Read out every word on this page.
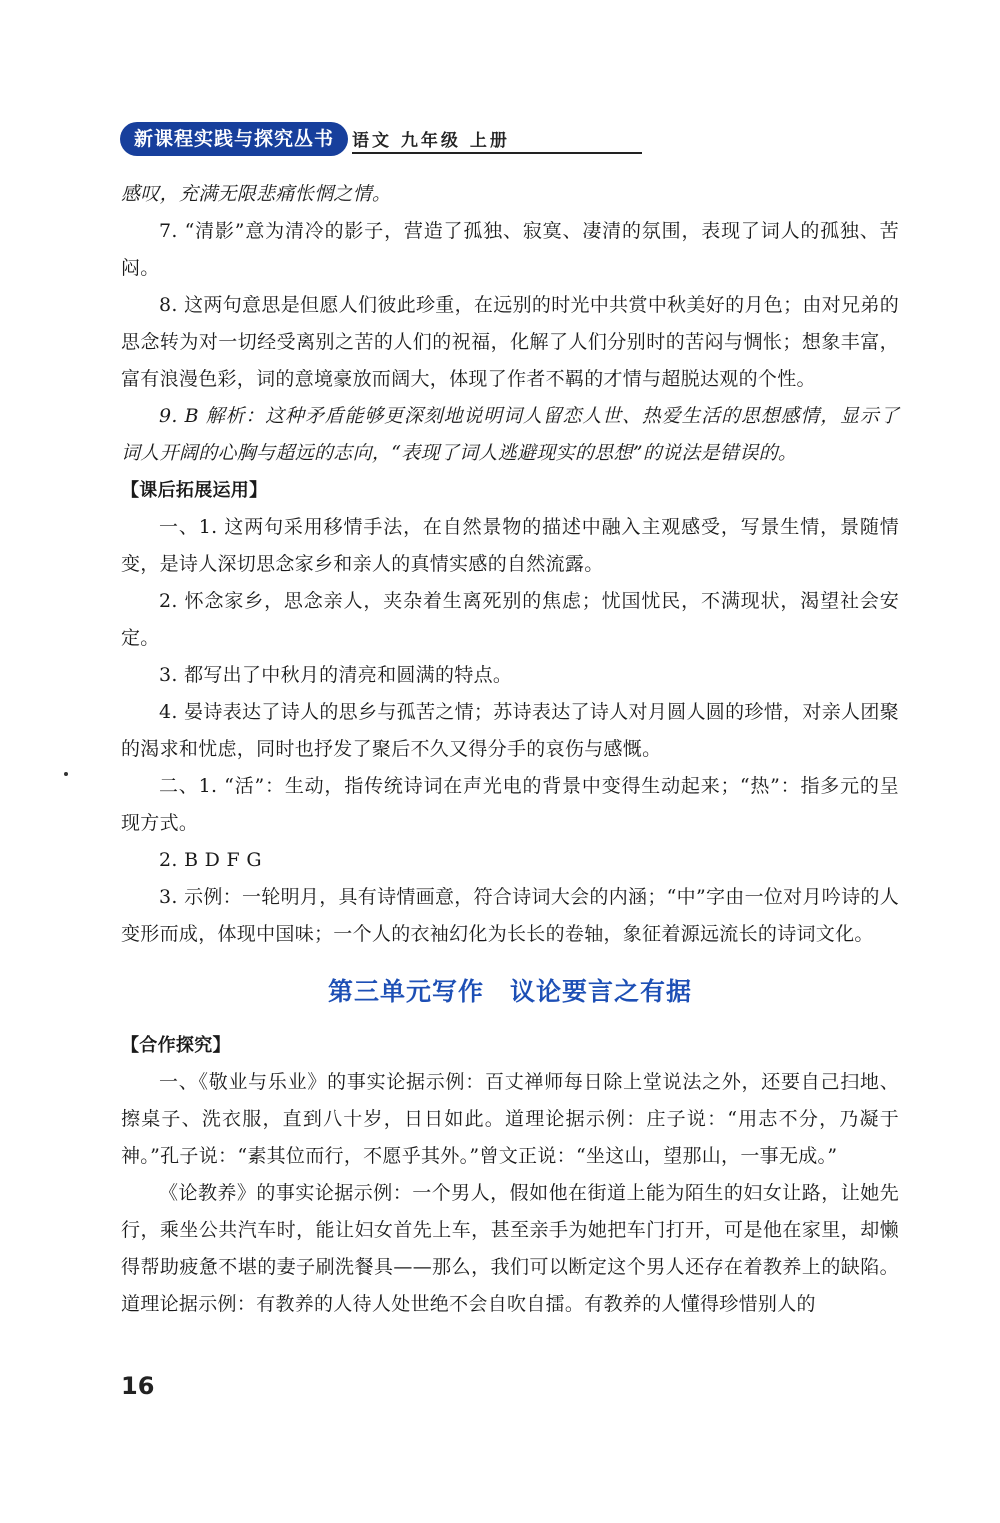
新课程实践与探究丛书	语文 九年级 上册

感叹，充满无限悲痛怅惘之情。

7. “清影”意为清冷的影子，营造了孤独、寂寞、凄清的氛围，表现了词人的孤独、苦闷。

8. 这两句意思是但愿人们彼此珍重，在远别的时光中共赏中秋美好的月色；由对兄弟的思念转为对一切经受离别之苦的人们的祝福，化解了人们分别时的苦闷与惆怅；想象丰富，富有浪漫色彩，词的意境豪放而阔大，体现了作者不羁的才情与超脱达观的个性。

9. B 解析：这种矛盾能够更深刻地说明词人留恋人世、热爱生活的思想感情，显示了词人开阔的心胸与超远的志向，“表现了词人逃避现实的思想”的说法是错误的。

【课后拓展运用】

一、1. 这两句采用移情手法，在自然景物的描述中融入主观感受，写景生情，景随情变，是诗人深切思念家乡和亲人的真情实感的自然流露。

2. 怀念家乡，思念亲人，夹杂着生离死别的焦虑；忧国忧民，不满现状，渴望社会安定。

3. 都写出了中秋月的清亮和圆满的特点。

4. 晏诗表达了诗人的思乡与孤苦之情；苏诗表达了诗人对月圆人圆的珍惜，对亲人团聚的渴求和忧虑，同时也抒发了聚后不久又得分手的哀伤与感慨。

二、1. “活”：生动，指传统诗词在声光电的背景中变得生动起来；“热”：指多元的呈现方式。

2. B D F G

3. 示例：一轮明月，具有诗情画意，符合诗词大会的内涵；“中”字由一位对月吟诗的人变形而成，体现中国味；一个人的衣袖幻化为长长的卷轴，象征着源远流长的诗词文化。

第三单元写作 议论要言之有据

【合作探究】

一、《敬业与乐业》的事实论据示例：百丈禅师每日除上堂说法之外，还要自己扫地、擦桌子、洗衣服，直到八十岁，日日如此。道理论据示例：庄子说：“用志不分，乃凝于神。”孔子说：“素其位而行，不愿乎其外。”曾文正说：“坐这山，望那山，一事无成。”

《论教养》的事实论据示例：一个男人，假如他在街道上能为陌生的妇女让路，让她先行，乘坐公共汽车时，能让妇女首先上车，甚至亲手为她把车门打开，可是他在家里，却懒得帮助疲惫不堪的妻子刷洗餐具——那么，我们可以断定这个男人还存在着教养上的缺陷。道理论据示例：有教养的人待人处世绝不会自吹自擂。有教养的人懂得珍惜别人的

16
